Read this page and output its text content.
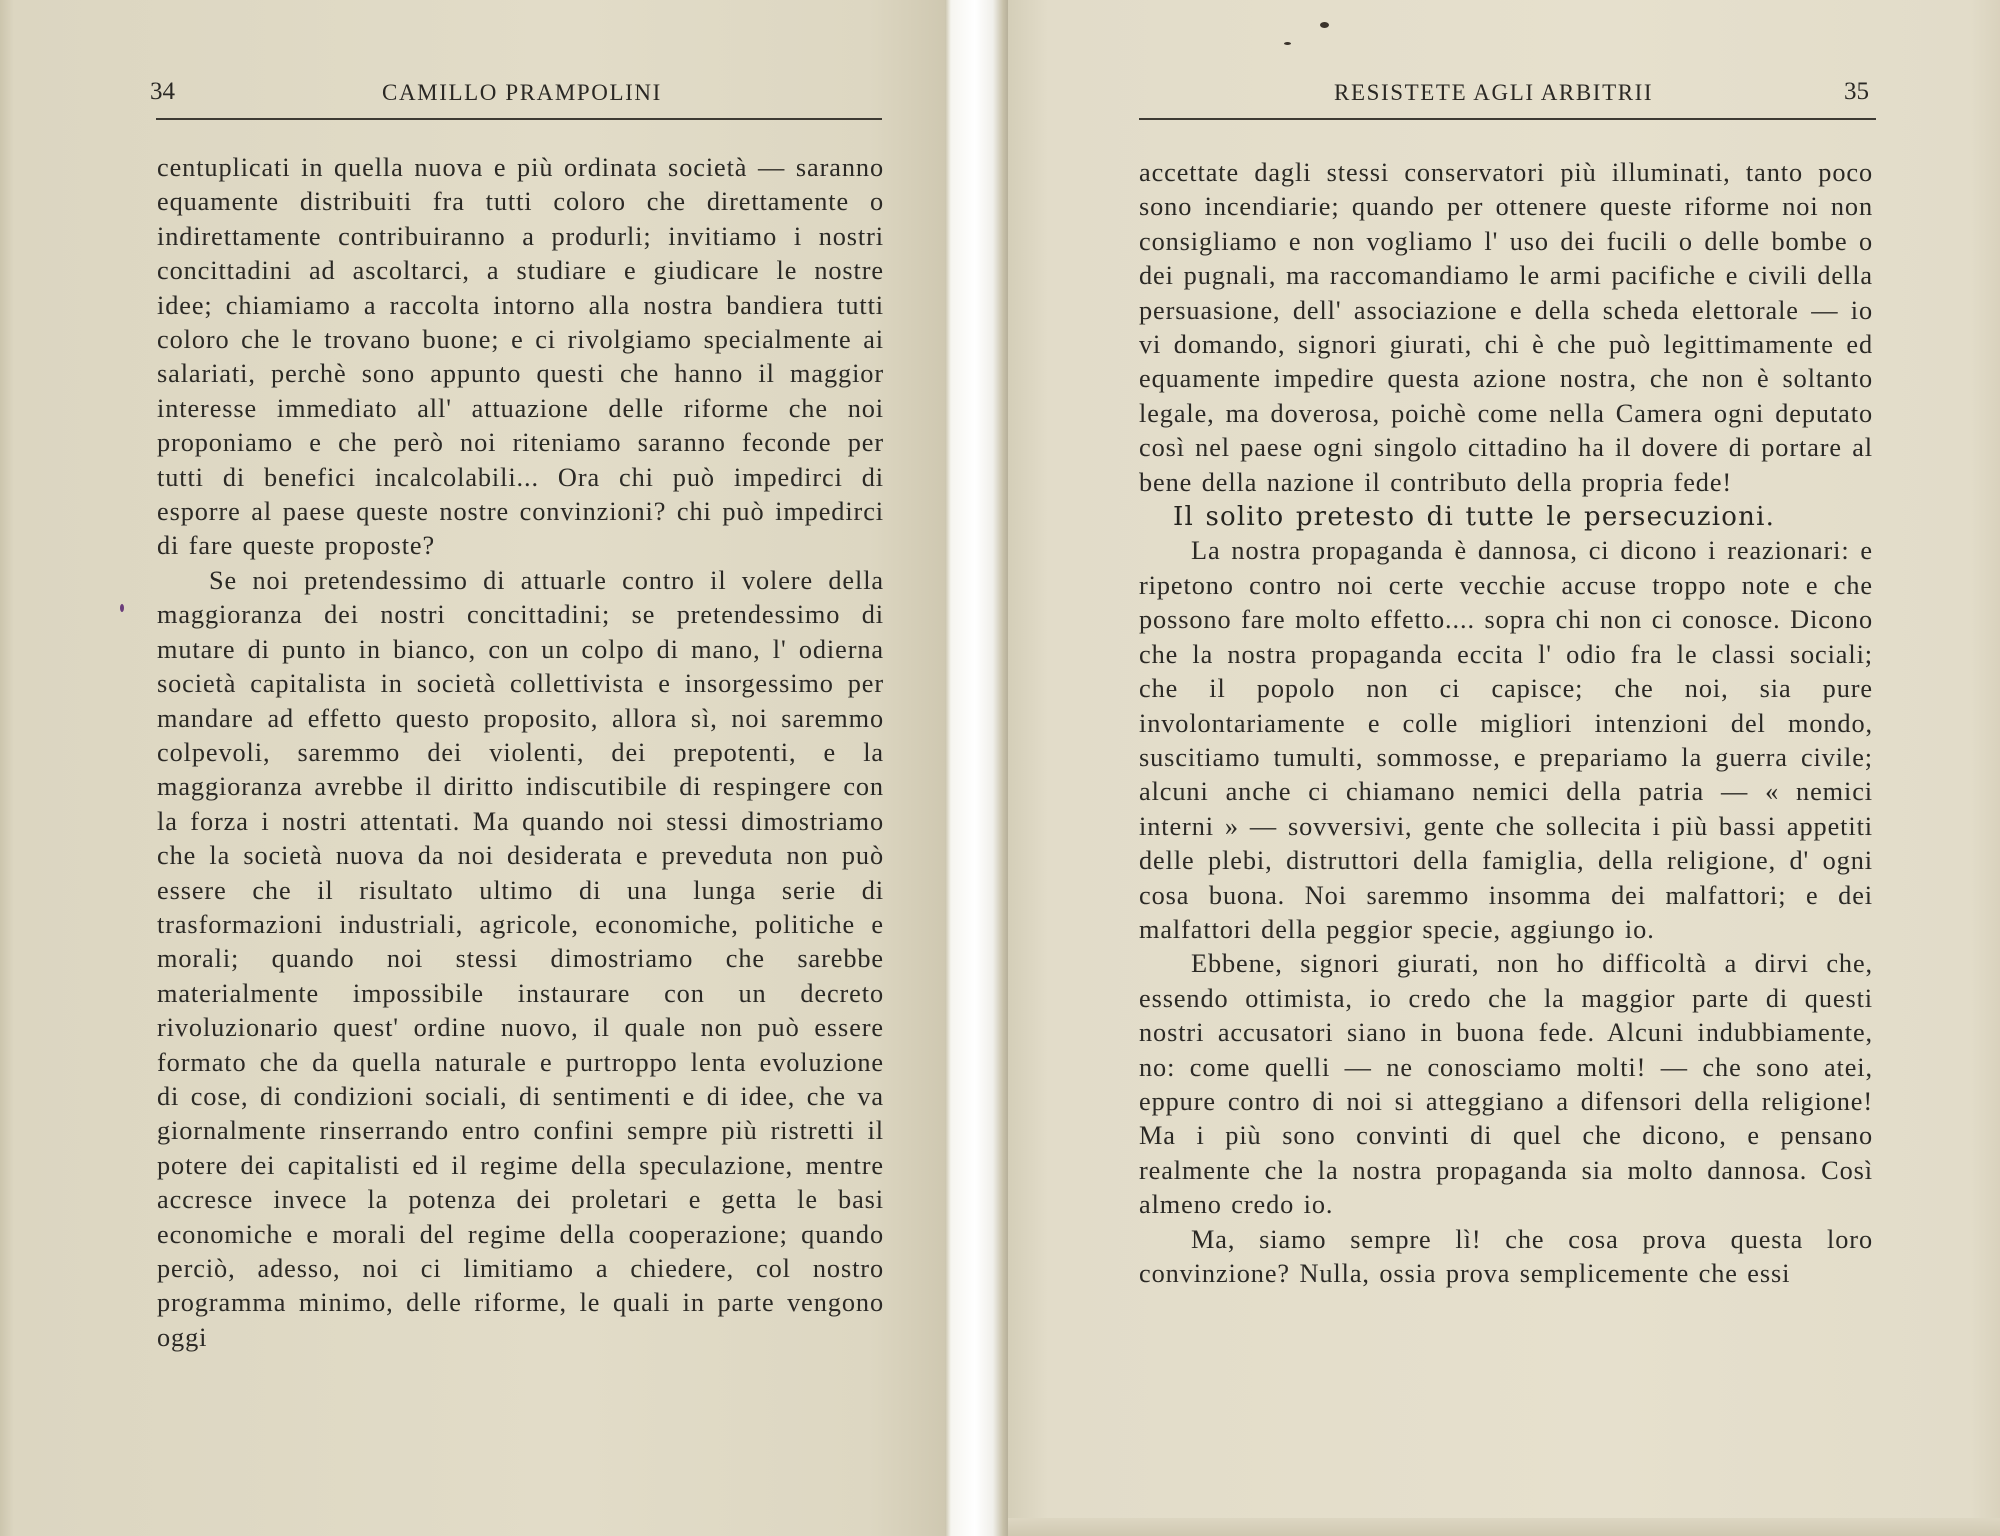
34	CAMILLO PRAMPOLINI

centuplicati in quella nuova e più ordinata società — saranno equamente distribuiti fra tutti coloro che direttamente o indirettamente contribuiranno a produrli; invitiamo i nostri concittadini ad ascoltarci, a studiare e giudicare le nostre idee; chiamiamo a raccolta intorno alla nostra bandiera tutti coloro che le trovano buone; e ci rivolgiamo specialmente ai salariati, perchè sono appunto questi che hanno il maggior interesse immediato all' attuazione delle riforme che noi proponiamo e che però noi riteniamo saranno feconde per tutti di benefici incalcolabili... Ora chi può impedirci di esporre al paese queste nostre convinzioni? chi può impedirci di fare queste proposte?

Se noi pretendessimo di attuarle contro il volere della maggioranza dei nostri concittadini; se pretendessimo di mutare di punto in bianco, con un colpo di mano, l' odierna società capitalista in società collettivista e insorgessimo per mandare ad effetto questo proposito, allora sì, noi saremmo colpevoli, saremmo dei violenti, dei prepotenti, e la maggioranza avrebbe il diritto indiscutibile di respingere con la forza i nostri attentati. Ma quando noi stessi dimostriamo che la società nuova da noi desiderata e preveduta non può essere che il risultato ultimo di una lunga serie di trasformazioni industriali, agricole, economiche, politiche e morali; quando noi stessi dimostriamo che sarebbe materialmente impossibile instaurare con un decreto rivoluzionario quest' ordine nuovo, il quale non può essere formato che da quella naturale e purtroppo lenta evoluzione di cose, di condizioni sociali, di sentimenti e di idee, che va giornalmente rinserrando entro confini sempre più ristretti il potere dei capitalisti ed il regime della speculazione, mentre accresce invece la potenza dei proletari e getta le basi economiche e morali del regime della cooperazione; quando perciò, adesso, noi ci limitiamo a chiedere, col nostro programma minimo, delle riforme, le quali in parte vengono oggi

RESISTETE AGLI ARBITRII	35

accettate dagli stessi conservatori più illuminati, tanto poco sono incendiarie; quando per ottenere queste riforme noi non consigliamo e non vogliamo l' uso dei fucili o delle bombe o dei pugnali, ma raccomandiamo le armi pacifiche e civili della persuasione, dell' associazione e della scheda elettorale — io vi domando, signori giurati, chi è che può legittimamente ed equamente impedire questa azione nostra, che non è soltanto legale, ma doverosa, poichè come nella Camera ogni deputato così nel paese ogni singolo cittadino ha il dovere di portare al bene della nazione il contributo della propria fede!

Il solito pretesto di tutte le persecuzioni.

La nostra propaganda è dannosa, ci dicono i reazionari: e ripetono contro noi certe vecchie accuse troppo note e che possono fare molto effetto.... sopra chi non ci conosce. Dicono che la nostra propaganda eccita l' odio fra le classi sociali; che il popolo non ci capisce; che noi, sia pure involontariamente e colle migliori intenzioni del mondo, suscitiamo tumulti, sommosse, e prepariamo la guerra civile; alcuni anche ci chiamano nemici della patria — « nemici interni » — sovversivi, gente che sollecita i più bassi appetiti delle plebi, distruttori della famiglia, della religione, d' ogni cosa buona. Noi saremmo insomma dei malfattori; e dei malfattori della peggior specie, aggiungo io.

Ebbene, signori giurati, non ho difficoltà a dirvi che, essendo ottimista, io credo che la maggior parte di questi nostri accusatori siano in buona fede. Alcuni indubbiamente, no: come quelli — ne conosciamo molti! — che sono atei, eppure contro di noi si atteggiano a difensori della religione! Ma i più sono convinti di quel che dicono, e pensano realmente che la nostra propaganda sia molto dannosa. Così almeno credo io.

Ma, siamo sempre lì! che cosa prova questa loro convinzione? Nulla, ossia prova semplicemente che essi
